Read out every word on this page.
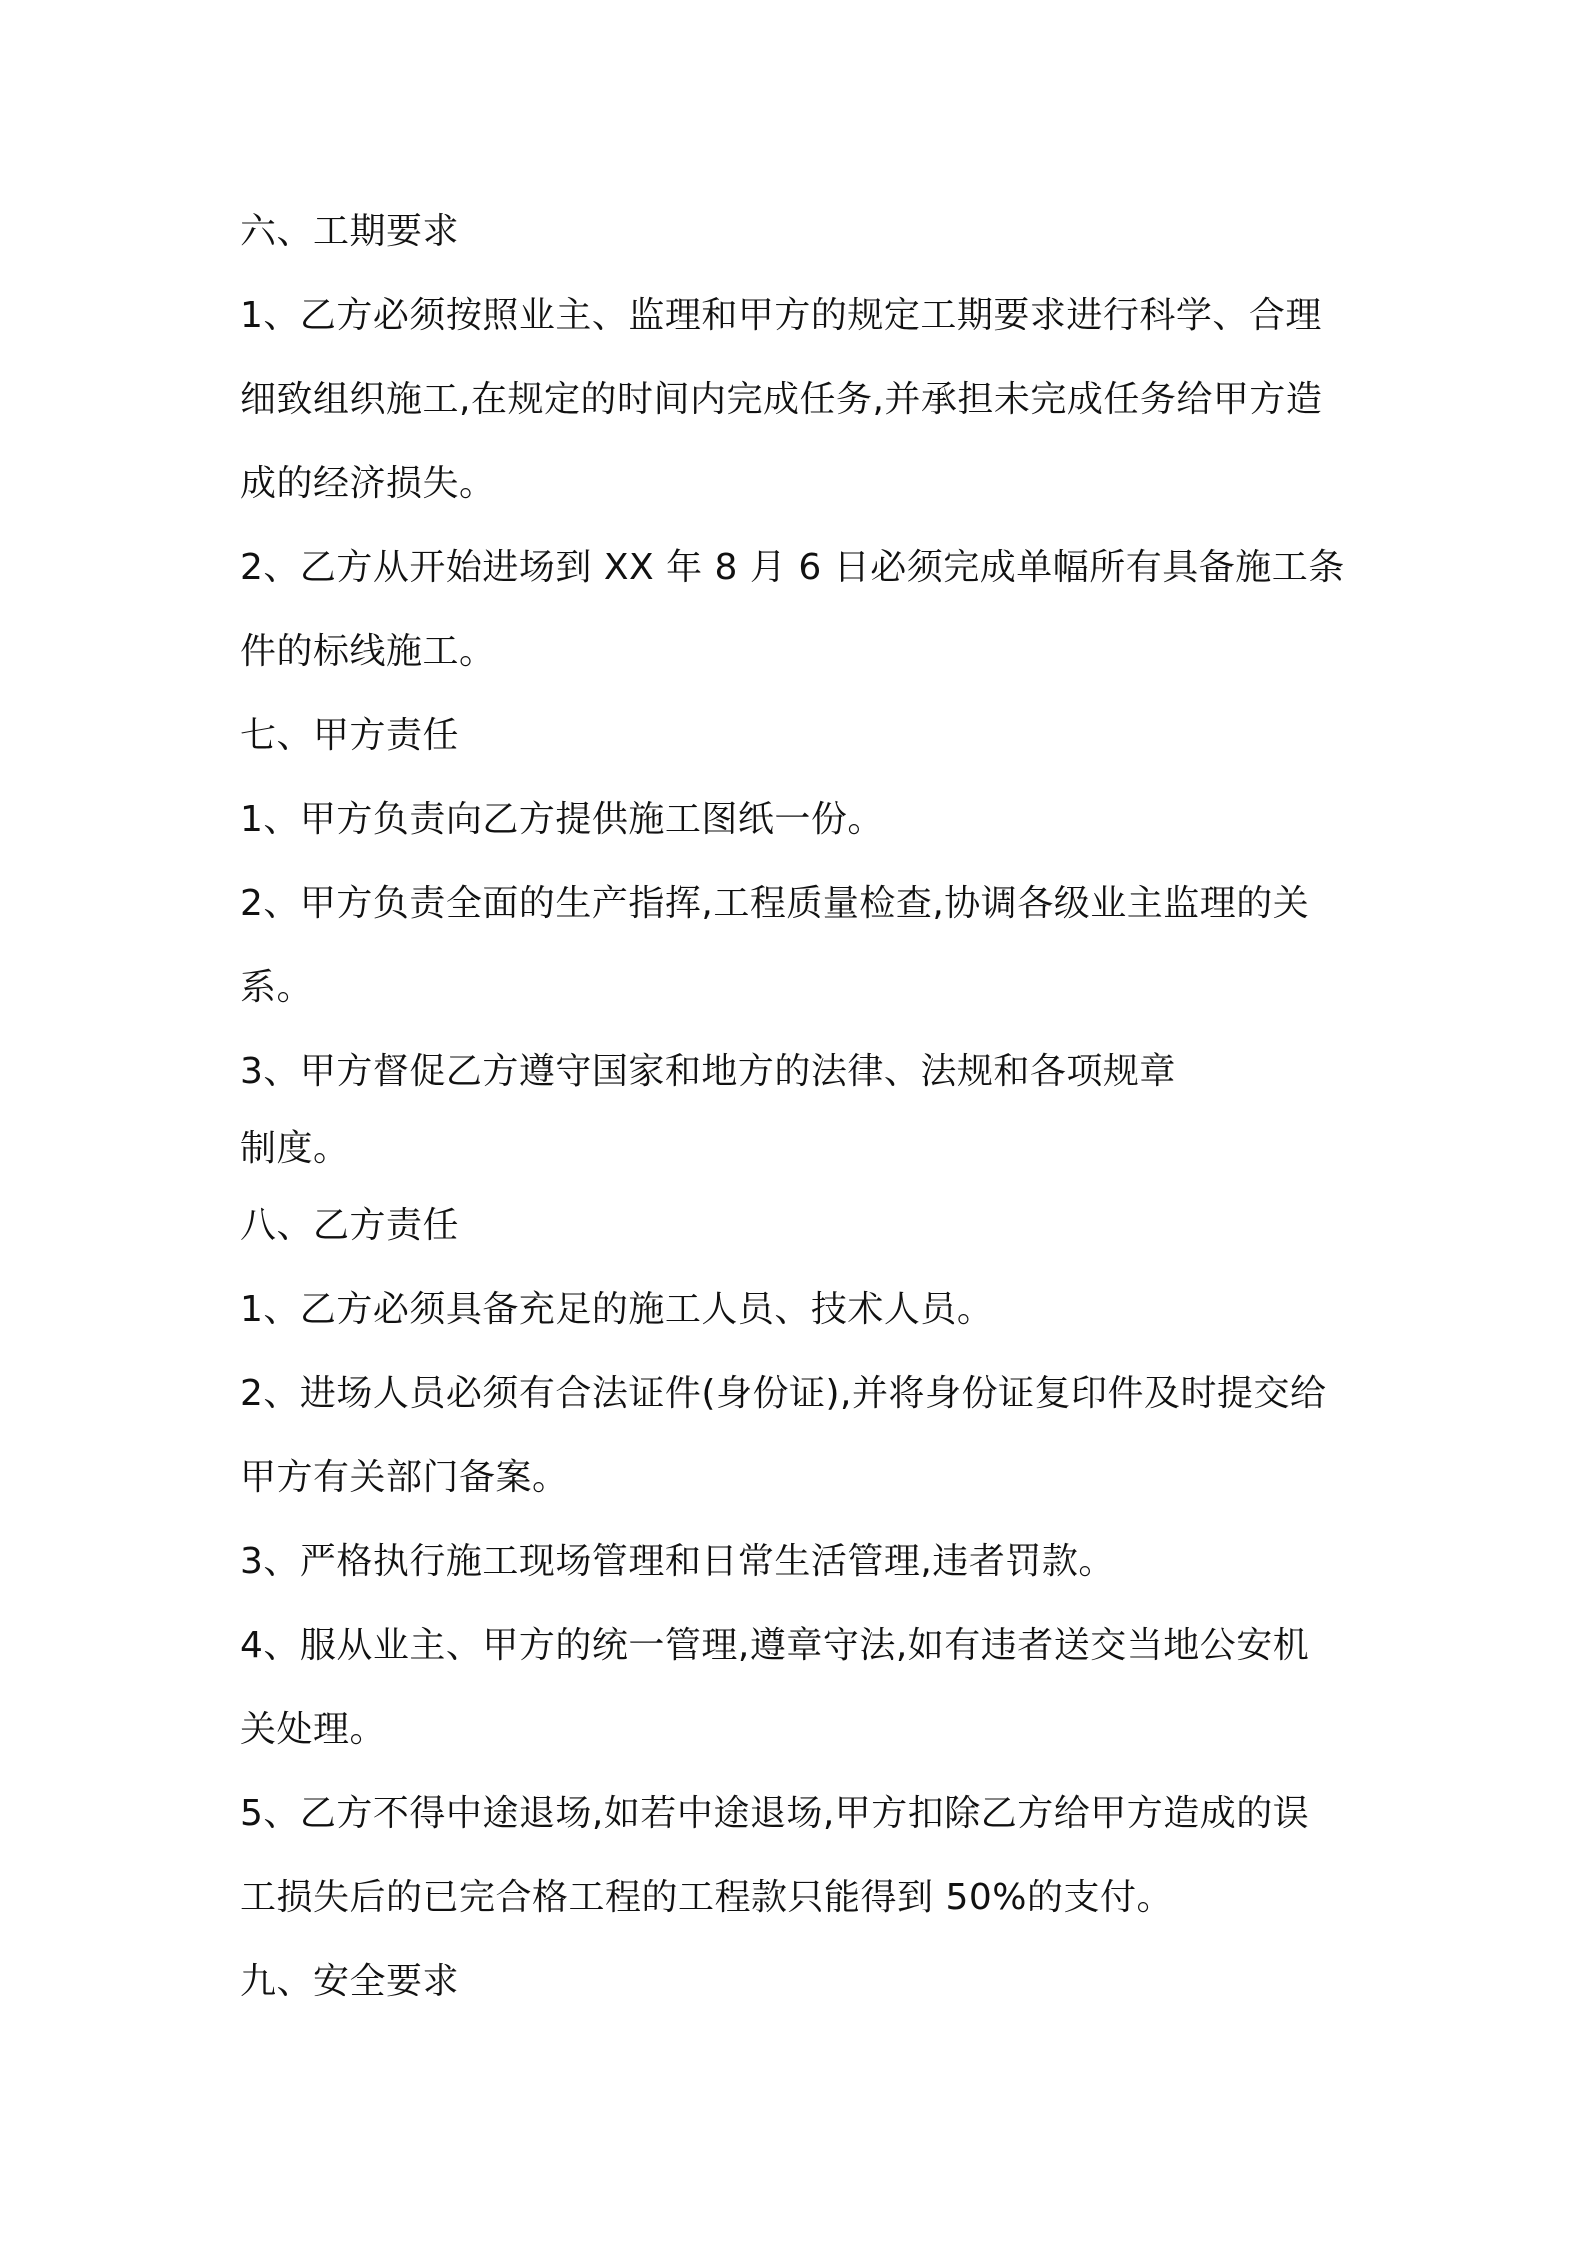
六、工期要求
1、乙方必须按照业主、监理和甲方的规定工期要求进行科学、合理
细致组织施工,在规定的时间内完成任务,并承担未完成任务给甲方造
成的经济损失。
2、乙方从开始进场到 XX 年 8 月 6 日必须完成单幅所有具备施工条
件的标线施工。
七、甲方责任
1、甲方负责向乙方提供施工图纸一份。
2、甲方负责全面的生产指挥,工程质量检查,协调各级业主监理的关
系。
3、甲方督促乙方遵守国家和地方的法律、法规和各项规章
制度。
八、乙方责任
1、乙方必须具备充足的施工人员、技术人员。
2、进场人员必须有合法证件(身份证),并将身份证复印件及时提交给
甲方有关部门备案。
3、严格执行施工现场管理和日常生活管理,违者罚款。
4、服从业主、甲方的统一管理,遵章守法,如有违者送交当地公安机
关处理。
5、乙方不得中途退场,如若中途退场,甲方扣除乙方给甲方造成的误
工损失后的已完合格工程的工程款只能得到 50%的支付。
九、安全要求
